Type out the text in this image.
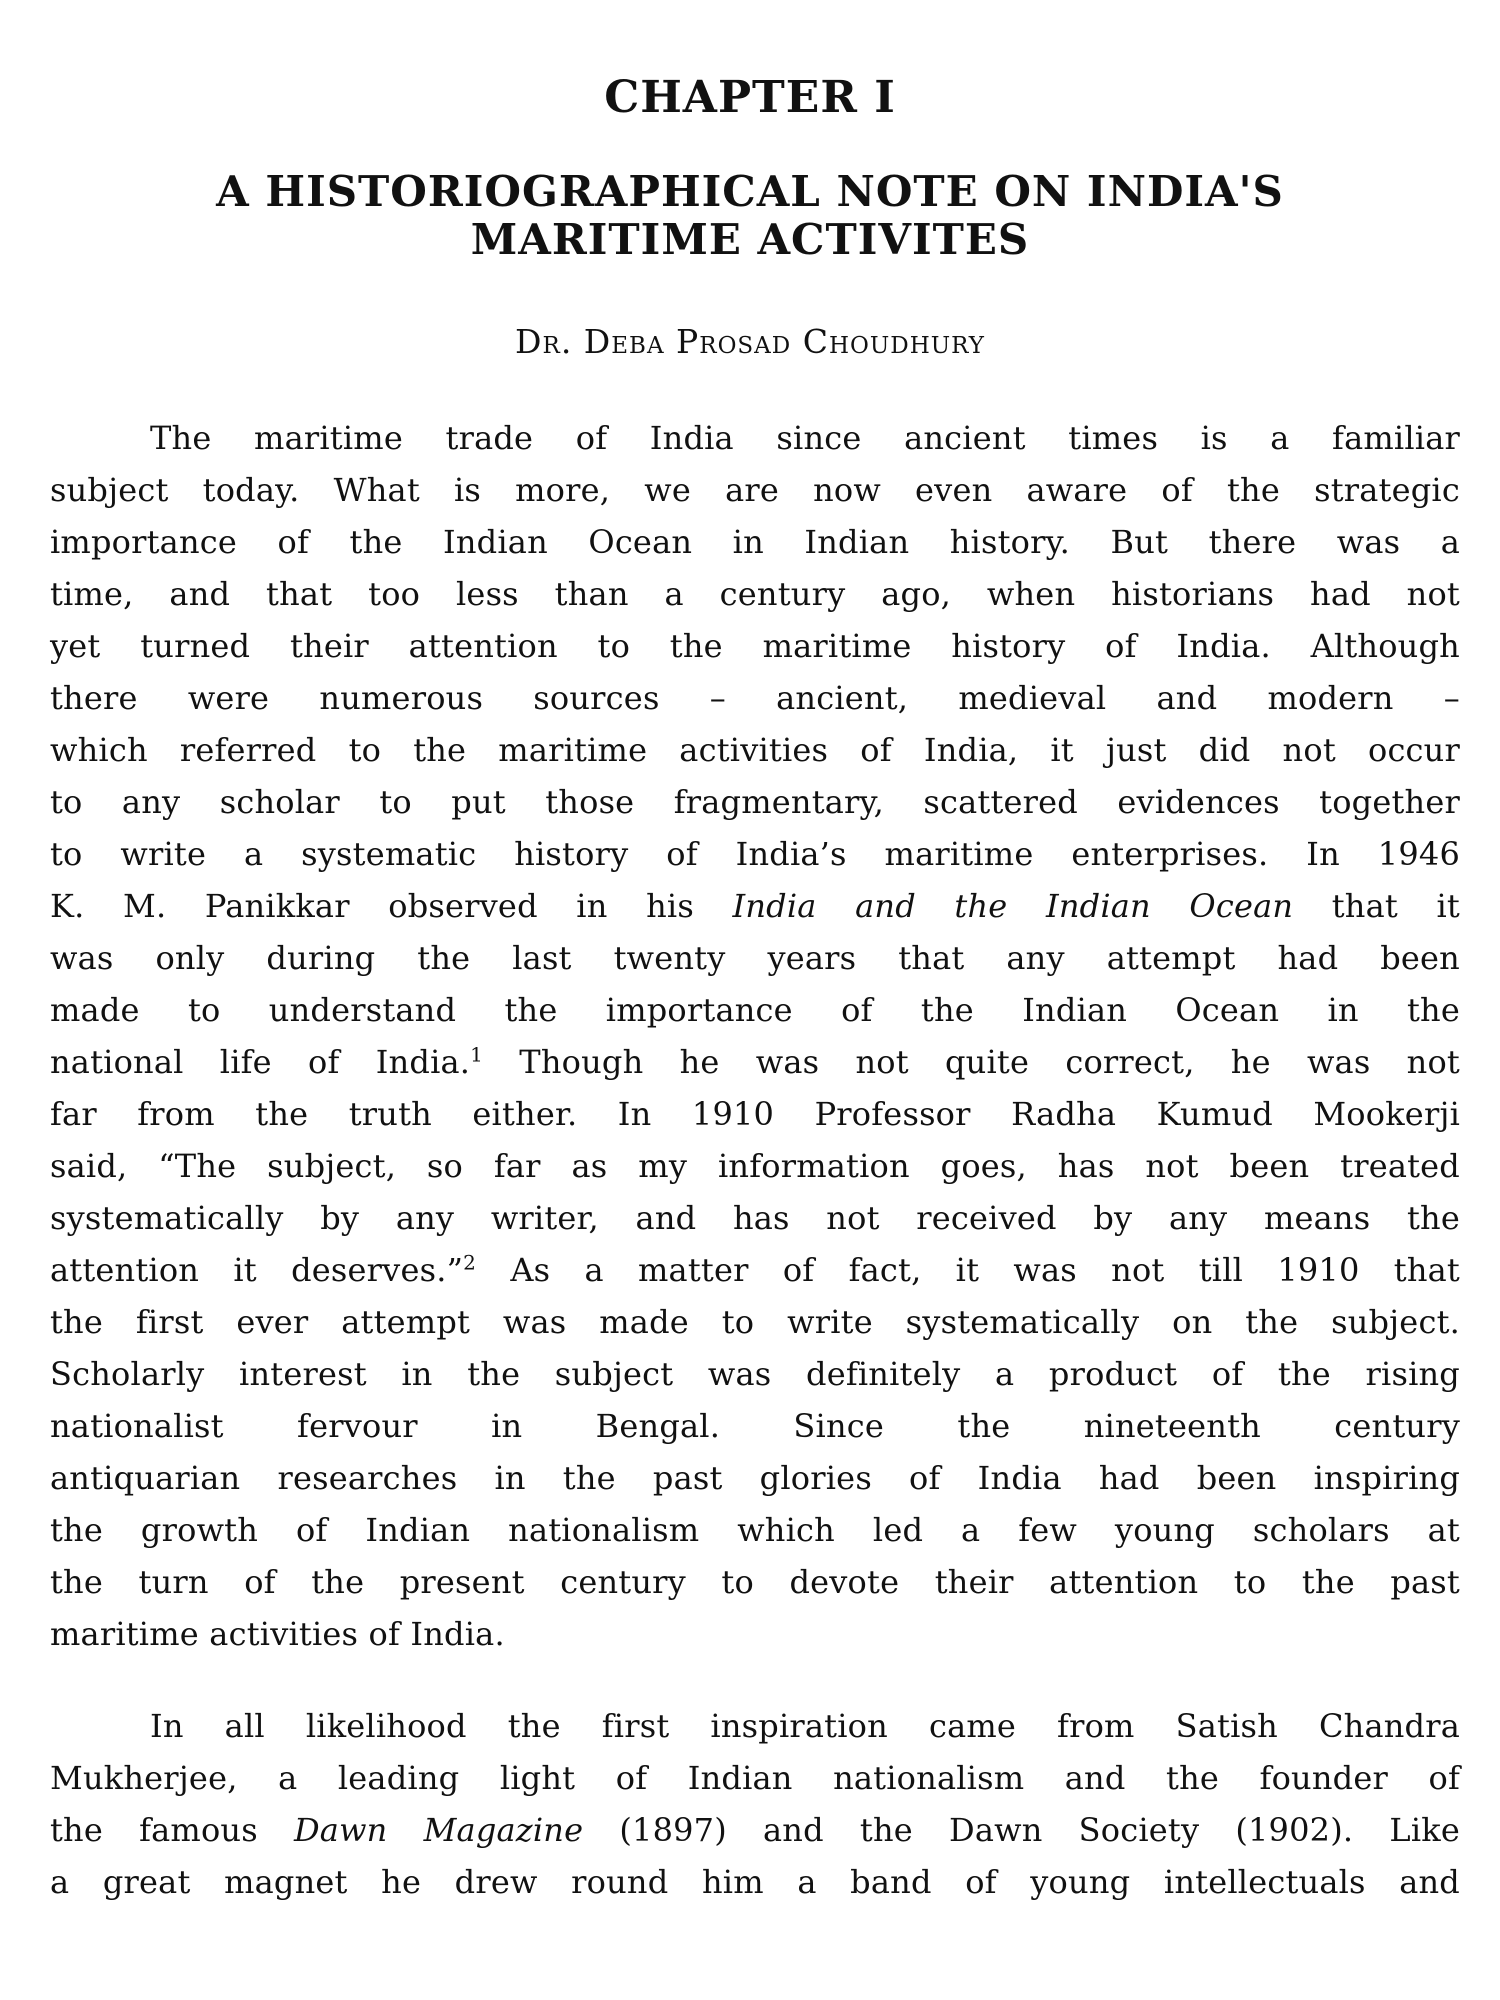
CHAPTER I
A HISTORIOGRAPHICAL NOTE ON INDIA'S
MARITIME ACTIVITES

Dr. Deba Prosad Choudhury

The maritime trade of India since ancient times is a familiar
subject today. What is more, we are now even aware of the strategic
importance of the Indian Ocean in Indian history. But there was a
time, and that too less than a century ago, when historians had not
yet turned their attention to the maritime history of India. Although
there were numerous sources – ancient, medieval and modern –
which referred to the maritime activities of India, it just did not occur
to any scholar to put those fragmentary, scattered evidences together
to write a systematic history of India’s maritime enterprises. In 1946
K. M. Panikkar observed in his India and the Indian Ocean that it
was only during the last twenty years that any attempt had been
made to understand the importance of the Indian Ocean in the
national life of India.$^1$ Though he was not quite correct, he was not
far from the truth either. In 1910 Professor Radha Kumud Mookerji
said, “The subject, so far as my information goes, has not been treated
systematically by any writer, and has not received by any means the
attention it deserves.”$^2$ As a matter of fact, it was not till 1910 that
the first ever attempt was made to write systematically on the subject.
Scholarly interest in the subject was definitely a product of the rising
nationalist fervour in Bengal. Since the nineteenth century
antiquarian researches in the past glories of India had been inspiring
the growth of Indian nationalism which led a few young scholars at
the turn of the present century to devote their attention to the past
maritime activities of India.
In all likelihood the first inspiration came from Satish Chandra
Mukherjee, a leading light of Indian nationalism and the founder of
the famous Dawn Magazine (1897) and the Dawn Society (1902). Like
a great magnet he drew round him a band of young intellectuals and
